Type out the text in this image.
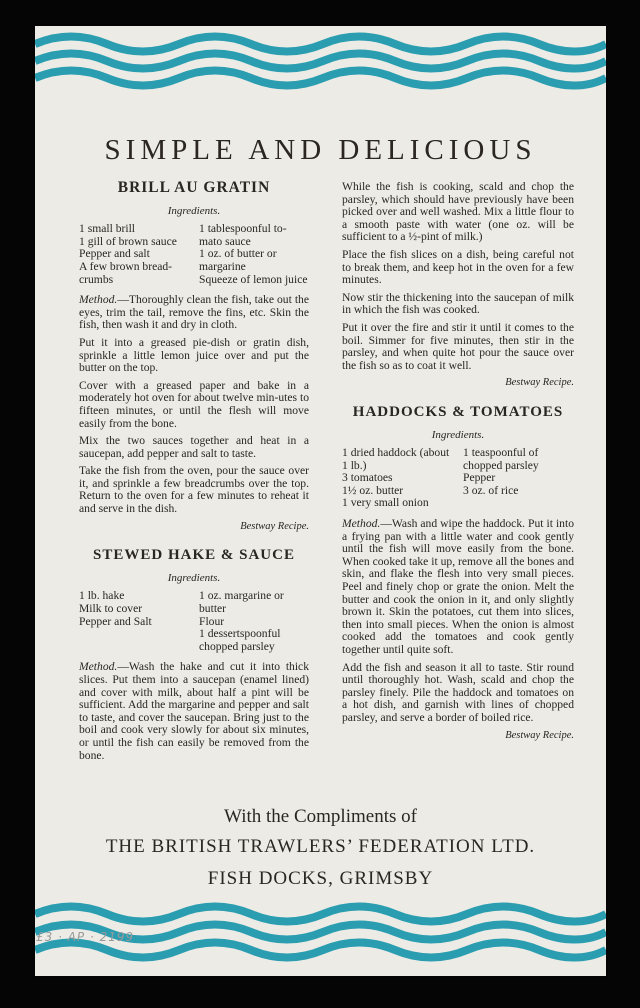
SIMPLE AND DELICIOUS
BRILL AU GRATIN
Ingredients.
1 small brill
1 gill of brown sauce
Pepper and salt
A few brown bread-crumbs
1 tablespoonful to-mato sauce
1 oz. of butter or margarine
Squeeze of lemon juice

Method.—Thoroughly clean the fish, take out the eyes, trim the tail, remove the fins, etc. Skin the fish, then wash it and dry in cloth.

Put it into a greased pie-dish or gratin dish, sprinkle a little lemon juice over and put the butter on the top.

Cover with a greased paper and bake in a moderately hot oven for about twelve min-utes to fifteen minutes, or until the flesh will move easily from the bone.

Mix the two sauces together and heat in a saucepan, add pepper and salt to taste.

Take the fish from the oven, pour the sauce over it, and sprinkle a few breadcrumbs over the top. Return to the oven for a few minutes to reheat it and serve in the dish.

Bestway Recipe.
STEWED HAKE & SAUCE
Ingredients.
1 lb. hake
Milk to cover
Pepper and Salt
1 oz. margarine or butter
Flour
1 dessertspoonful chopped parsley

Method.—Wash the hake and cut it into thick slices. Put them into a saucepan (enamel lined) and cover with milk, about half a pint will be sufficient. Add the margarine and pepper and salt to taste, and cover the saucepan. Bring just to the boil and cook very slowly for about six minutes, or until the fish can easily be removed from the bone.

While the fish is cooking, scald and chop the parsley, which should have previously have been picked over and well washed. Mix a little flour to a smooth paste with water (one oz. will be sufficient to a ½-pint of milk.)

Place the fish slices on a dish, being careful not to break them, and keep hot in the oven for a few minutes.

Now stir the thickening into the saucepan of milk in which the fish was cooked.

Put it over the fire and stir it until it comes to the boil. Simmer for five minutes, then stir in the parsley, and when quite hot pour the sauce over the fish so as to coat it well.

Bestway Recipe.
HADDOCKS & TOMATOES
Ingredients.
1 dried haddock (about 1 lb.)
3 tomatoes
1½ oz. butter
1 very small onion
1 teaspoonful of chopped parsley
Pepper
3 oz. of rice

Method.—Wash and wipe the haddock. Put it into a frying pan with a little water and cook gently until the fish will move easily from the bone. When cooked take it up, remove all the bones and skin, and flake the flesh into very small pieces. Peel and finely chop or grate the onion. Melt the butter and cook the onion in it, and only slightly brown it. Skin the potatoes, cut them into slices, then into small pieces. When the onion is almost cooked add the tomatoes and cook gently together until quite soft.

Add the fish and season it all to taste. Stir round until thoroughly hot. Wash, scald and chop the parsley finely. Pile the haddock and tomatoes on a hot dish, and garnish with lines of chopped parsley, and serve a border of boiled rice.

Bestway Recipe.
With the Compliments of
THE BRITISH TRAWLERS’ FEDERATION LTD.
FISH DOCKS, GRIMSBY
£3 · AP · 2199
